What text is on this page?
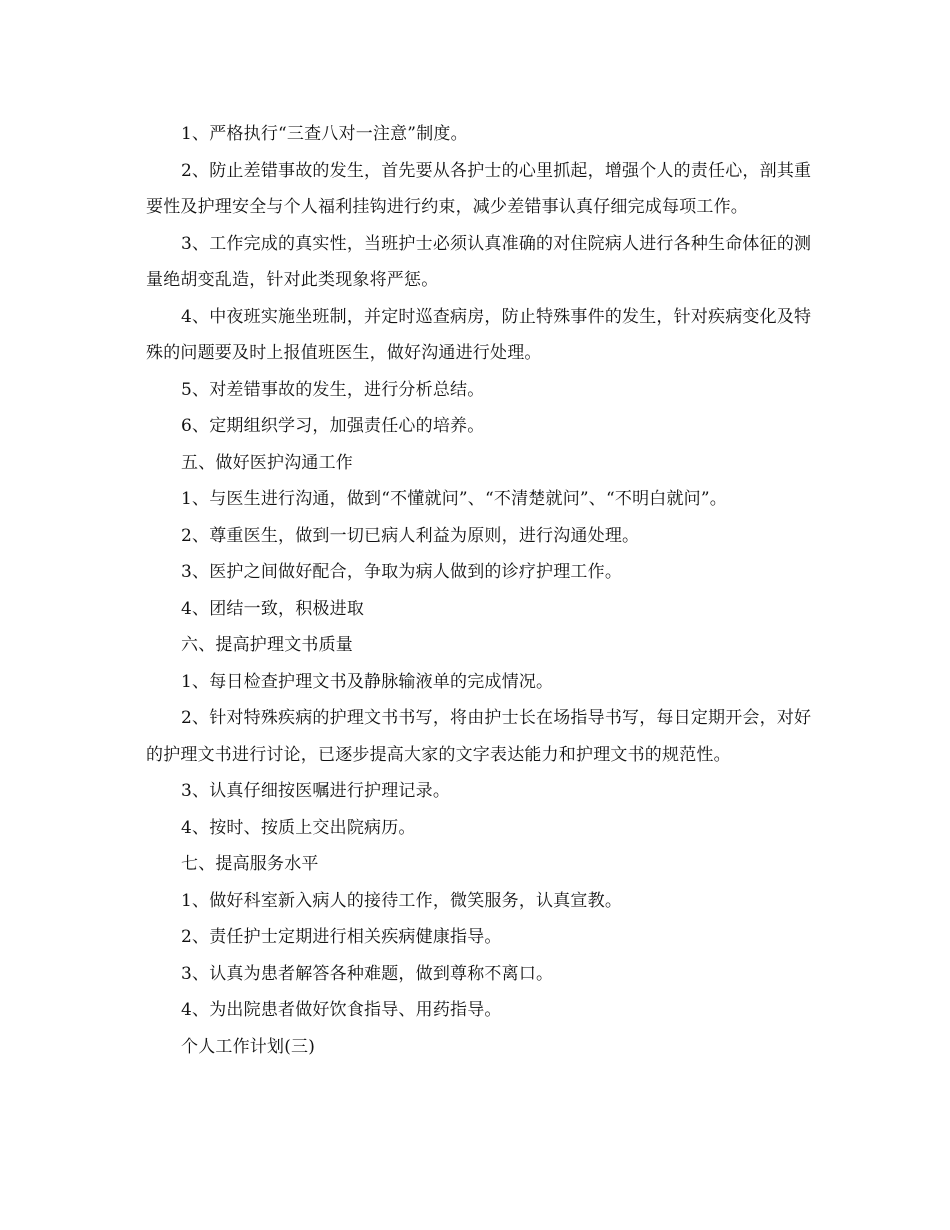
1、严格执行“三查八对一注意”制度。

2、防止差错事故的发生，首先要从各护士的心里抓起，增强个人的责任心，剖其重要性及护理安全与个人福利挂钩进行约束，减少差错事认真仔细完成每项工作。

3、工作完成的真实性，当班护士必须认真准确的对住院病人进行各种生命体征的测量绝胡变乱造，针对此类现象将严惩。

4、中夜班实施坐班制，并定时巡查病房，防止特殊事件的发生，针对疾病变化及特殊的问题要及时上报值班医生，做好沟通进行处理。

5、对差错事故的发生，进行分析总结。

6、定期组织学习，加强责任心的培养。

五、做好医护沟通工作

1、与医生进行沟通，做到“不懂就问”、“不清楚就问”、“不明白就问”。

2、尊重医生，做到一切已病人利益为原则，进行沟通处理。

3、医护之间做好配合，争取为病人做到的诊疗护理工作。

4、团结一致，积极进取

六、提高护理文书质量

1、每日检查护理文书及静脉输液单的完成情况。

2、针对特殊疾病的护理文书书写，将由护士长在场指导书写，每日定期开会，对好的护理文书进行讨论，已逐步提高大家的文字表达能力和护理文书的规范性。

3、认真仔细按医嘱进行护理记录。

4、按时、按质上交出院病历。

七、提高服务水平

1、做好科室新入病人的接待工作，微笑服务，认真宣教。

2、责任护士定期进行相关疾病健康指导。

3、认真为患者解答各种难题，做到尊称不离口。

4、为出院患者做好饮食指导、用药指导。

个人工作计划(三)
